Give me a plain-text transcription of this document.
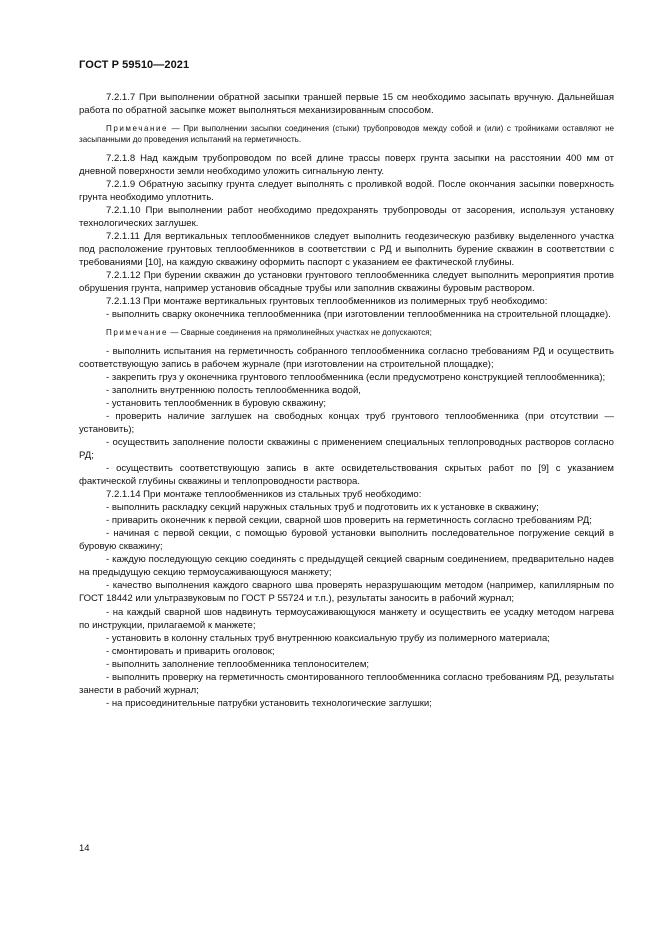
ГОСТ Р 59510—2021

7.2.1.7 При выполнении обратной засыпки траншей первые 15 см необходимо засыпать вручную. Дальнейшая работа по обратной засыпке может выполняться механизированным способом.

Примечание — При выполнении засыпки соединения (стыки) трубопроводов между собой и (или) с тройниками оставляют не засыпанными до проведения испытаний на герметичность.

7.2.1.8 Над каждым трубопроводом по всей длине трассы поверх грунта засыпки на расстоянии 400 мм от дневной поверхности земли необходимо уложить сигнальную ленту.

7.2.1.9 Обратную засыпку грунта следует выполнять с проливкой водой. После окончания засыпки поверхность грунта необходимо уплотнить.

7.2.1.10 При выполнении работ необходимо предохранять трубопроводы от засорения, используя установку технологических заглушек.

7.2.1.11 Для вертикальных теплообменников следует выполнить геодезическую разбивку выделенного участка под расположение грунтовых теплообменников в соответствии с РД и выполнить бурение скважин в соответствии с требованиями [10], на каждую скважину оформить паспорт с указанием ее фактической глубины.

7.2.1.12 При бурении скважин до установки грунтового теплообменника следует выполнить мероприятия против обрушения грунта, например установив обсадные трубы или заполнив скважины буровым раствором.

7.2.1.13 При монтаже вертикальных грунтовых теплообменников из полимерных труб необходимо:

- выполнить сварку оконечника теплообменника (при изготовлении теплообменника на строительной площадке).

Примечание — Сварные соединения на прямолинейных участках не допускаются;

- выполнить испытания на герметичность собранного теплообменника согласно требованиям РД и осуществить соответствующую запись в рабочем журнале (при изготовлении на строительной площадке);

- закрепить груз у оконечника грунтового теплообменника (если предусмотрено конструкцией теплообменника);

- заполнить внутреннюю полость теплообменника водой,

- установить теплообменник в буровую скважину;

- проверить наличие заглушек на свободных концах труб грунтового теплообменника (при отсутствии — установить);

- осуществить заполнение полости скважины с применением специальных теплопроводных растворов согласно РД;

- осуществить соответствующую запись в акте освидетельствования скрытых работ по [9] с указанием фактической глубины скважины и теплопроводности раствора.

7.2.1.14 При монтаже теплообменников из стальных труб необходимо:

- выполнить раскладку секций наружных стальных труб и подготовить их к установке в скважину;

- приварить оконечник к первой секции, сварной шов проверить на герметичность согласно требованиям РД;

- начиная с первой секции, с помощью буровой установки выполнить последовательное погружение секций в буровую скважину;

- каждую последующую секцию соединять с предыдущей секцией сварным соединением, предварительно надев на предыдущую секцию термоусаживающуюся манжету;

- качество выполнения каждого сварного шва проверять неразрушающим методом (например, капиллярным по ГОСТ 18442 или ультразвуковым по ГОСТ Р 55724 и т.п.), результаты заносить в рабочий журнал;

- на каждый сварной шов надвинуть термоусаживающуюся манжету и осуществить ее усадку методом нагрева по инструкции, прилагаемой к манжете;

- установить в колонну стальных труб внутреннюю коаксиальную трубу из полимерного материала;

- смонтировать и приварить оголовок;

- выполнить заполнение теплообменника теплоносителем;

- выполнить проверку на герметичность смонтированного теплообменника согласно требованиям РД, результаты занести в рабочий журнал;

- на присоединительные патрубки установить технологические заглушки;

14
